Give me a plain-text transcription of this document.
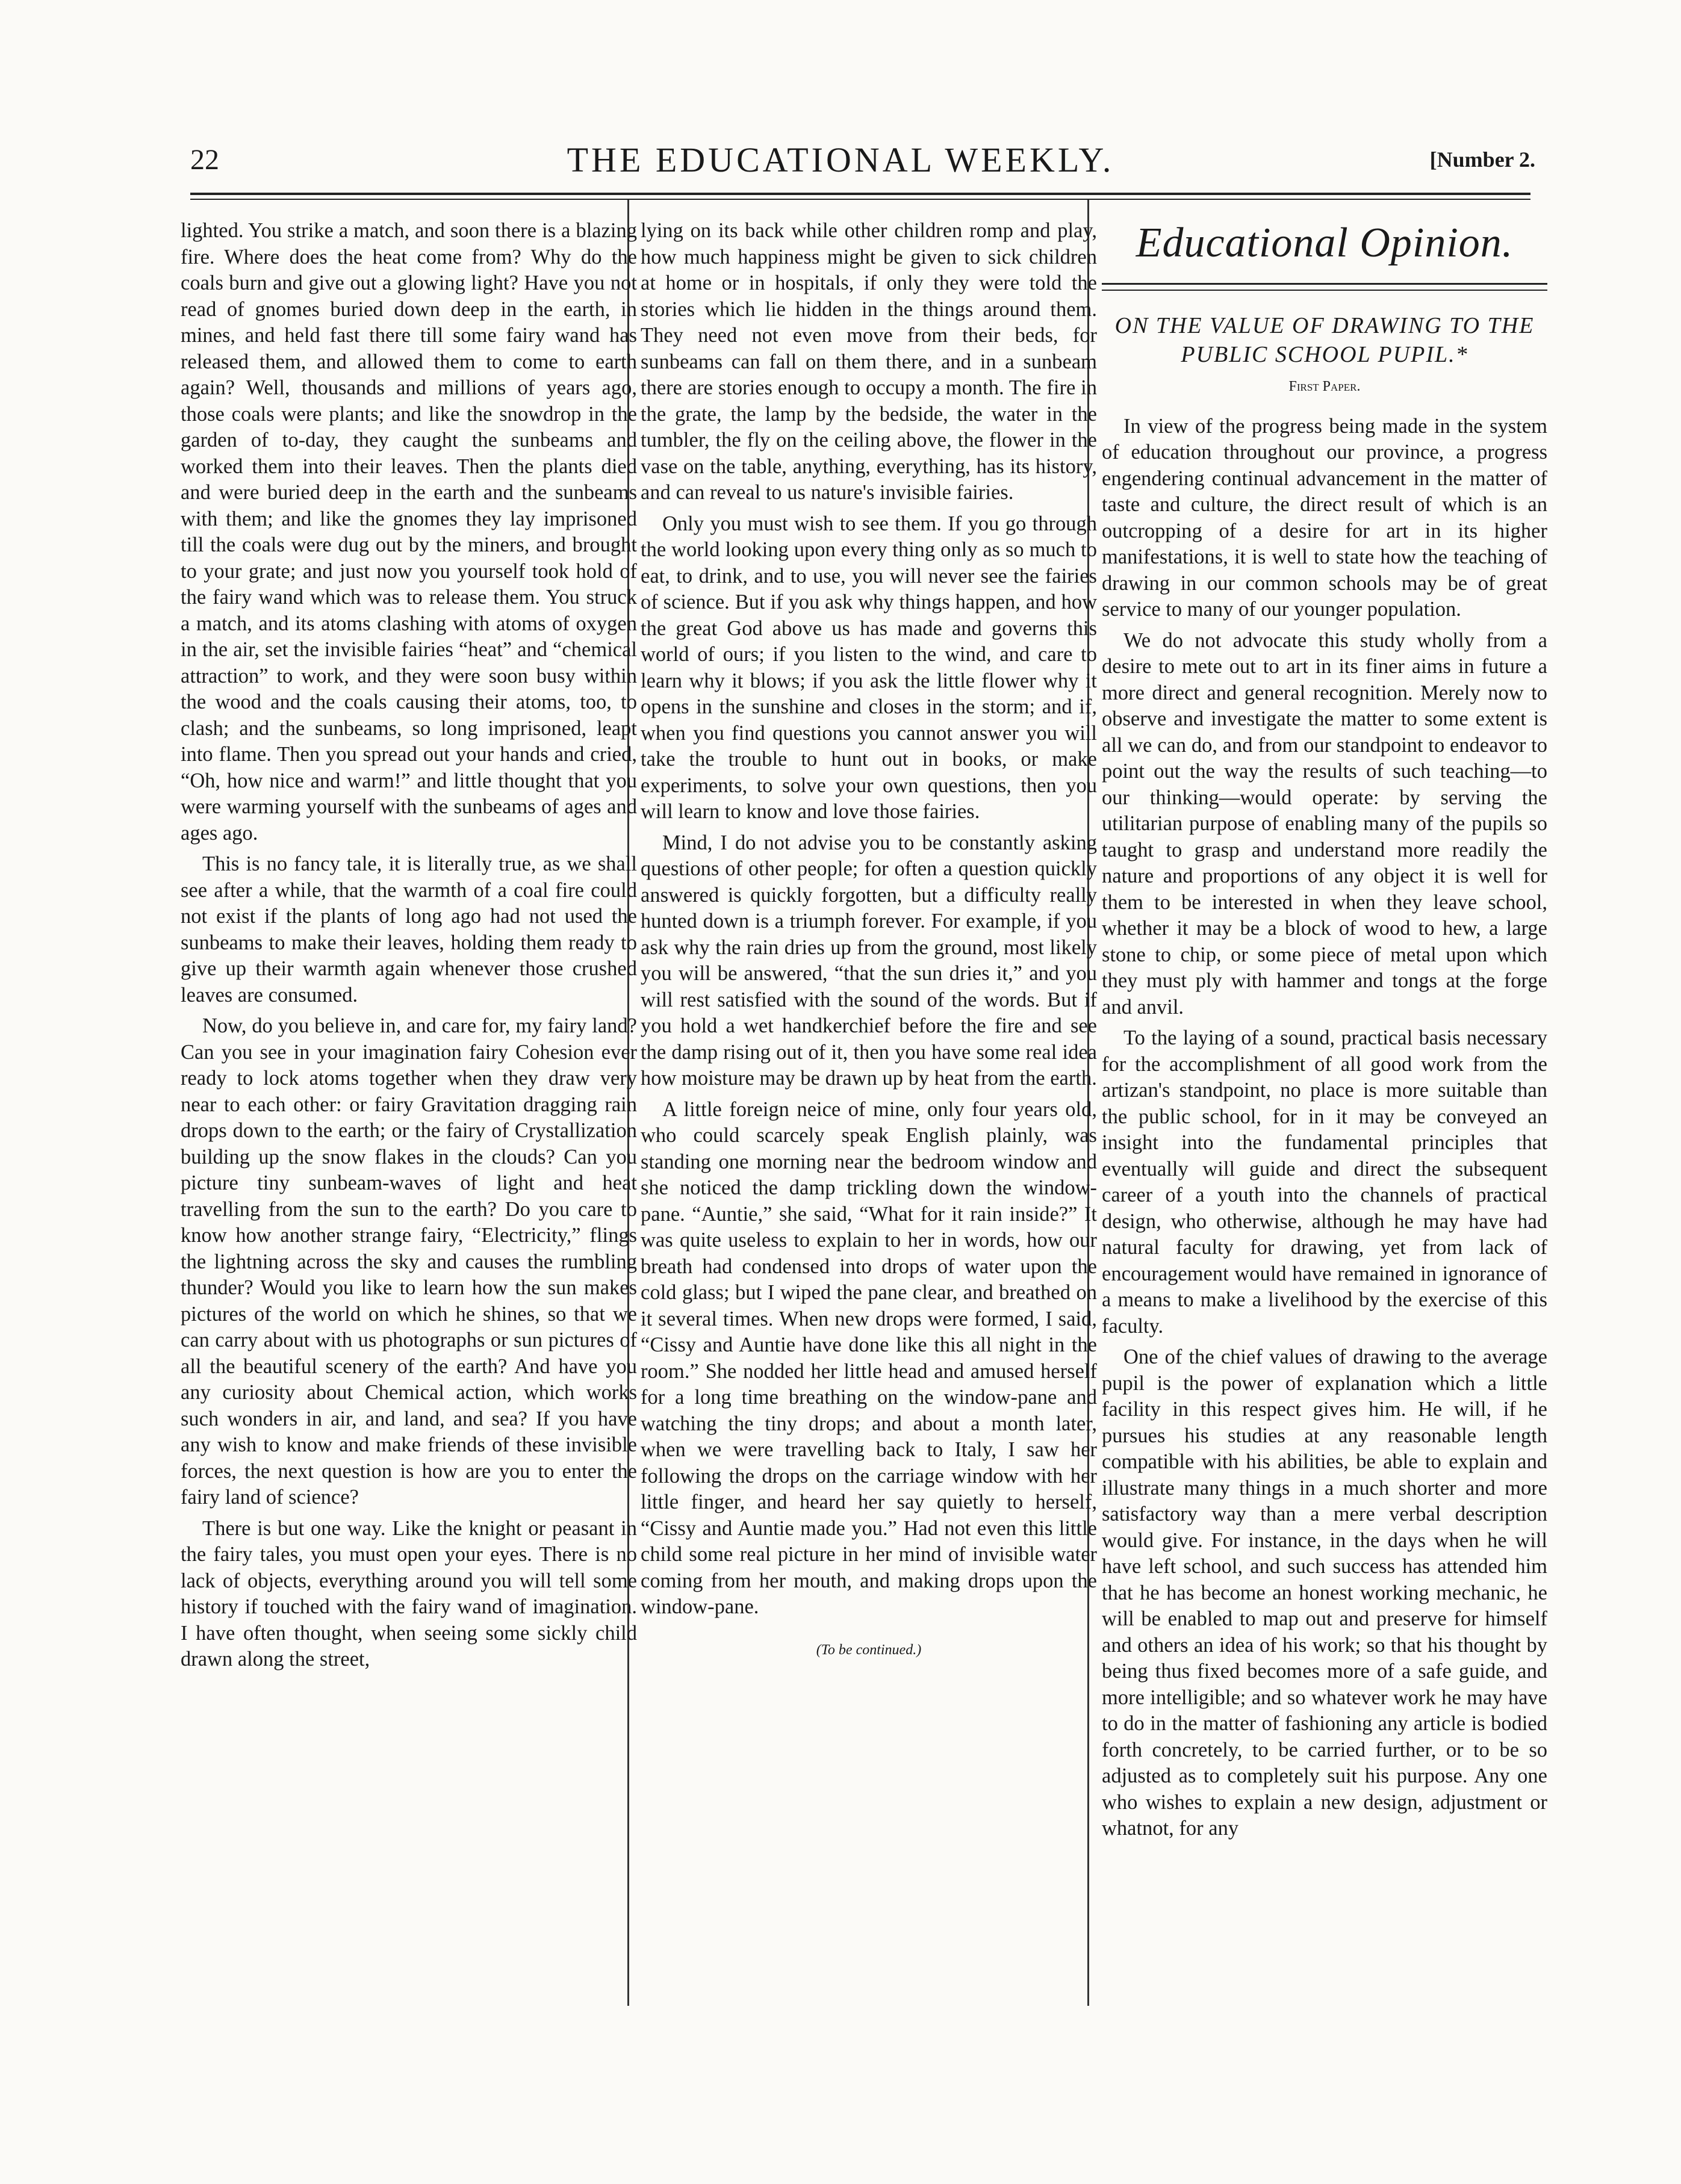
22	THE EDUCATIONAL WEEKLY.	[Number 2.

lighted. You strike a match, and soon there is a blazing fire. Where does the heat come from? Why do the coals burn and give out a glowing light? Have you not read of gnomes buried down deep in the earth, in mines, and held fast there till some fairy wand has released them, and allowed them to come to earth again? Well, thousands and millions of years ago, those coals were plants; and like the snowdrop in the garden of to-day, they caught the sunbeams and worked them into their leaves. Then the plants died and were buried deep in the earth and the sunbeams with them; and like the gnomes they lay imprisoned till the coals were dug out by the miners, and brought to your grate; and just now you yourself took hold of the fairy wand which was to release them. You struck a match, and its atoms clashing with atoms of oxygen in the air, set the invisible fairies “heat” and “chemical attraction” to work, and they were soon busy within the wood and the coals causing their atoms, too, to clash; and the sunbeams, so long imprisoned, leapt into flame. Then you spread out your hands and cried, “Oh, how nice and warm!” and little thought that you were warming yourself with the sunbeams of ages and ages ago.

This is no fancy tale, it is literally true, as we shall see after a while, that the warmth of a coal fire could not exist if the plants of long ago had not used the sunbeams to make their leaves, holding them ready to give up their warmth again whenever those crushed leaves are consumed.

Now, do you believe in, and care for, my fairy land? Can you see in your imagination fairy Cohesion ever ready to lock atoms together when they draw very near to each other: or fairy Gravitation dragging rain drops down to the earth; or the fairy of Crystallization building up the snow flakes in the clouds? Can you picture tiny sunbeam-waves of light and heat travelling from the sun to the earth? Do you care to know how another strange fairy, “Electricity,” flings the lightning across the sky and causes the rumbling thunder? Would you like to learn how the sun makes pictures of the world on which he shines, so that we can carry about with us photographs or sun pictures of all the beautiful scenery of the earth? And have you any curiosity about Chemical action, which works such wonders in air, and land, and sea? If you have any wish to know and make friends of these invisible forces, the next question is how are you to enter the fairy land of science?

There is but one way. Like the knight or peasant in the fairy tales, you must open your eyes. There is no lack of objects, everything around you will tell some history if touched with the fairy wand of imagination. I have often thought, when seeing some sickly child drawn along the street,

lying on its back while other children romp and play, how much happiness might be given to sick children at home or in hospitals, if only they were told the stories which lie hidden in the things around them. They need not even move from their beds, for sunbeams can fall on them there, and in a sunbeam there are stories enough to occupy a month. The fire in the grate, the lamp by the bedside, the water in the tumbler, the fly on the ceiling above, the flower in the vase on the table, anything, everything, has its history, and can reveal to us nature's invisible fairies.

Only you must wish to see them. If you go through the world looking upon every thing only as so much to eat, to drink, and to use, you will never see the fairies of science. But if you ask why things happen, and how the great God above us has made and governs this world of ours; if you listen to the wind, and care to learn why it blows; if you ask the little flower why it opens in the sunshine and closes in the storm; and if, when you find questions you cannot answer you will take the trouble to hunt out in books, or make experiments, to solve your own questions, then you will learn to know and love those fairies.

Mind, I do not advise you to be constantly asking questions of other people; for often a question quickly answered is quickly forgotten, but a difficulty really hunted down is a triumph forever. For example, if you ask why the rain dries up from the ground, most likely you will be answered, “that the sun dries it,” and you will rest satisfied with the sound of the words. But if you hold a wet handkerchief before the fire and see the damp rising out of it, then you have some real idea how moisture may be drawn up by heat from the earth.

A little foreign neice of mine, only four years old, who could scarcely speak English plainly, was standing one morning near the bedroom window and she noticed the damp trickling down the window-pane. “Auntie,” she said, “What for it rain inside?” It was quite useless to explain to her in words, how our breath had condensed into drops of water upon the cold glass; but I wiped the pane clear, and breathed on it several times. When new drops were formed, I said, “Cissy and Auntie have done like this all night in the room.” She nodded her little head and amused herself for a long time breathing on the window-pane and watching the tiny drops; and about a month later, when we were travelling back to Italy, I saw her following the drops on the carriage window with her little finger, and heard her say quietly to herself, “Cissy and Auntie made you.” Had not even this little child some real picture in her mind of invisible water coming from her mouth, and making drops upon the window-pane.

(To be continued.)
Educational Opinion.
ON THE VALUE OF DRAWING TO THE PUBLIC SCHOOL PUPIL.*
First Paper.

In view of the progress being made in the system of education throughout our province, a progress engendering continual advancement in the matter of taste and culture, the direct result of which is an outcropping of a desire for art in its higher manifestations, it is well to state how the teaching of drawing in our common schools may be of great service to many of our younger population.

We do not advocate this study wholly from a desire to mete out to art in its finer aims in future a more direct and general recognition. Merely now to observe and investigate the matter to some extent is all we can do, and from our standpoint to endeavor to point out the way the results of such teaching—to our thinking—would operate: by serving the utilitarian purpose of enabling many of the pupils so taught to grasp and understand more readily the nature and proportions of any object it is well for them to be interested in when they leave school, whether it may be a block of wood to hew, a large stone to chip, or some piece of metal upon which they must ply with hammer and tongs at the forge and anvil.

To the laying of a sound, practical basis necessary for the accomplishment of all good work from the artizan's standpoint, no place is more suitable than the public school, for in it may be conveyed an insight into the fundamental principles that eventually will guide and direct the subsequent career of a youth into the channels of practical design, who otherwise, although he may have had natural faculty for drawing, yet from lack of encouragement would have remained in ignorance of a means to make a livelihood by the exercise of this faculty.

One of the chief values of drawing to the average pupil is the power of explanation which a little facility in this respect gives him. He will, if he pursues his studies at any reasonable length compatible with his abilities, be able to explain and illustrate many things in a much shorter and more satisfactory way than a mere verbal description would give. For instance, in the days when he will have left school, and such success has attended him that he has become an honest working mechanic, he will be enabled to map out and preserve for himself and others an idea of his work; so that his thought by being thus fixed becomes more of a safe guide, and more intelligible; and so whatever work he may have to do in the matter of fashioning any article is bodied forth concretely, to be carried further, or to be so adjusted as to completely suit his purpose. Any one who wishes to explain a new design, adjustment or whatnot, for any
